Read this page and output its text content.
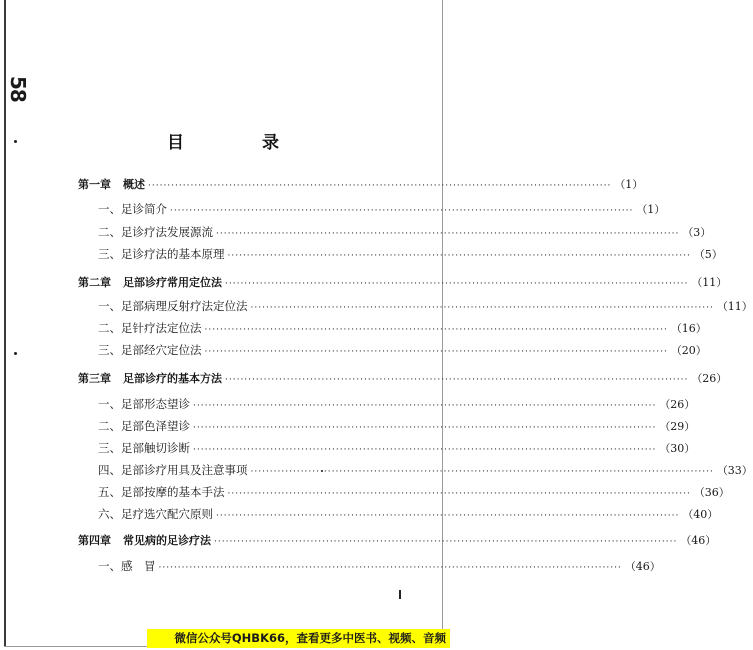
58
目 录
第一章 概述 ························································································································ （1）
一、足诊简介 ························································································································ （1）
二、足诊疗法发展源流 ························································································································ （3）
三、足诊疗法的基本原理 ························································································································ （5）
第二章 足部诊疗常用定位法 ························································································································ （11）
一、足部病理反射疗法定位法 ························································································································ （11）
二、足针疗法定位法 ························································································································ （16）
三、足部经穴定位法 ························································································································ （20）
第三章 足部诊疗的基本方法 ························································································································ （26）
一、足部形态望诊 ························································································································ （26）
二、足部色泽望诊 ························································································································ （29）
三、足部触切诊断 ························································································································ （30）
四、足部诊疗用具及注意事项 ························································································································ （33）
五、足部按摩的基本手法 ························································································································ （36）
六、足疗选穴配穴原则 ························································································································ （40）
第四章 常见病的足诊疗法 ························································································································ （46）
一、感　冒 ························································································································ （46）
微信公众号QHBK66，查看更多中医书、视频、音频
